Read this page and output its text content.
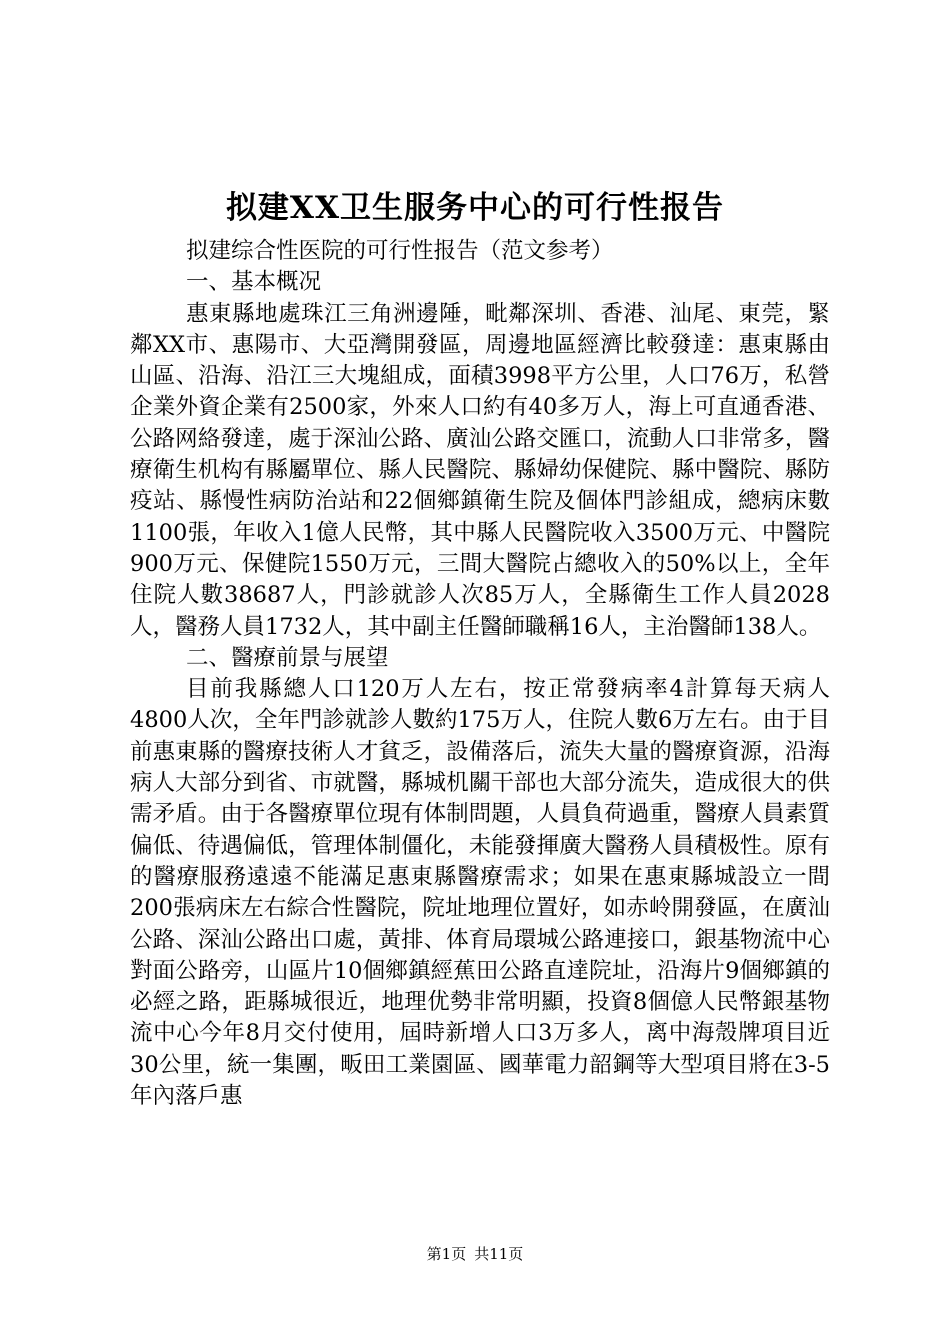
拟建XX卫生服务中心的可行性报告

拟建综合性医院的可行性报告（范文参考）

一、基本概况

惠東縣地處珠江三角洲邊陲，毗鄰深圳、香港、汕尾、東莞，緊鄰XX市、惠陽市、大亞灣開發區，周邊地區經濟比較發達：惠東縣由山區、沿海、沿江三大塊組成，面積3998平方公里，人口76万，私營企業外資企業有2500家，外來人口約有40多万人，海上可直通香港、公路网絡發達，處于深汕公路、廣汕公路交匯口，流動人口非常多，醫療衛生机构有縣屬單位、縣人民醫院、縣婦幼保健院、縣中醫院、縣防疫站、縣慢性病防治站和22個鄉鎮衛生院及個体門診組成，總病床數1100張，年收入1億人民幣，其中縣人民醫院收入3500万元、中醫院900万元、保健院1550万元，三間大醫院占總收入的50%以上，全年住院人數38687人，門診就診人次85万人，全縣衛生工作人員2028人，醫務人員1732人，其中副主任醫師職稱16人，主治醫師138人。

二、醫療前景与展望

目前我縣總人口120万人左右，按正常發病率4計算每天病人4800人次，全年門診就診人數約175万人，住院人數6万左右。由于目前惠東縣的醫療技術人才貧乏，設備落后，流失大量的醫療資源，沿海病人大部分到省、市就醫，縣城机關干部也大部分流失，造成很大的供需矛盾。由于各醫療單位現有体制問題，人員負荷過重，醫療人員素質偏低、待遇偏低，管理体制僵化，未能發揮廣大醫務人員積极性。原有的醫療服務遠遠不能滿足惠東縣醫療需求；如果在惠東縣城設立一間200張病床左右綜合性醫院，院址地理位置好，如赤岭開發區，在廣汕公路、深汕公路出口處，黃排、体育局環城公路連接口，銀基物流中心對面公路旁，山區片10個鄉鎮經蕉田公路直達院址，沿海片9個鄉鎮的必經之路，距縣城很近，地理优勢非常明顯，投資8個億人民幣銀基物流中心今年8月交付使用，屆時新增人口3万多人，离中海殼牌項目近30公里，統一集團，畈田工業園區、國華電力韶鋼等大型項目將在3-5年內落戶惠

第1页 共11页
